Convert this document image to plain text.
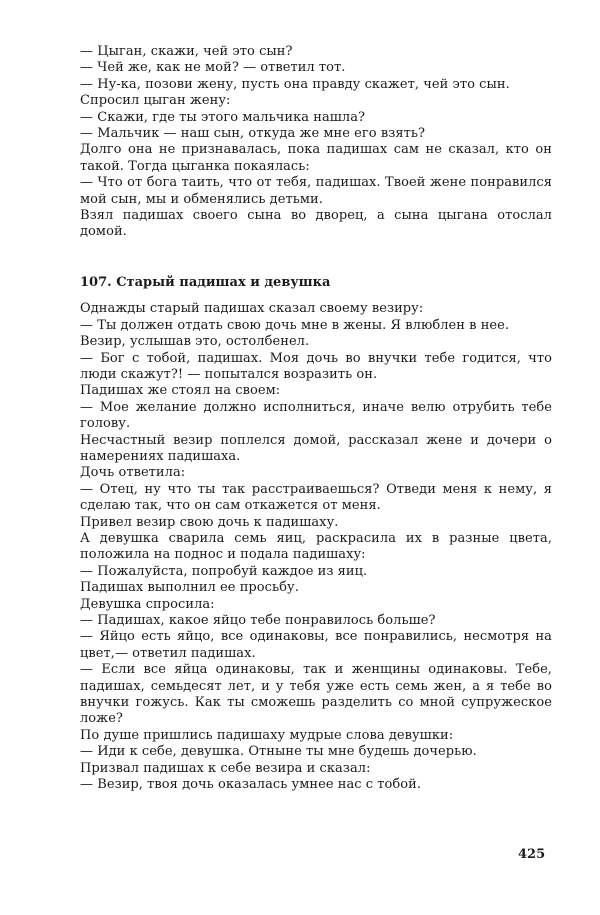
— Цыган, скажи, чей это сын?

— Чей же, как не мой? — ответил тот.

— Ну-ка, позови жену, пусть она правду скажет, чей это сын.

Спросил цыган жену:

— Скажи, где ты этого мальчика нашла?

— Мальчик — наш сын, откуда же мне его взять?

Долго она не признавалась, пока падишах сам не сказал, кто он такой. Тогда цыганка покаялась:

— Что от бога таить, что от тебя, падишах. Твоей жене понравился мой сын, мы и обменялись детьми.

Взял падишах своего сына во дворец, а сына цыгана отослал домой.

107. Старый падишах и девушка

Однажды старый падишах сказал своему везиру:

— Ты должен отдать свою дочь мне в жены. Я влюблен в нее.

Везир, услышав это, остолбенел.

— Бог с тобой, падишах. Моя дочь во внучки тебе годится, что люди скажут?! — попытался возразить он.

Падишах же стоял на своем:

— Мое желание должно исполниться, иначе велю отрубить тебе голову.

Несчастный везир поплелся домой, рассказал жене и дочери о намерениях падишаха.

Дочь ответила:

— Отец, ну что ты так расстраиваешься? Отведи меня к нему, я сделаю так, что он сам откажется от меня.

Привел везир свою дочь к падишаху.

А девушка сварила семь яиц, раскрасила их в разные цвета, положила на поднос и подала падишаху:

— Пожалуйста, попробуй каждое из яиц.

Падишах выполнил ее просьбу.

Девушка спросила:

— Падишах, какое яйцо тебе понравилось больше?

— Яйцо есть яйцо, все одинаковы, все понравились, несмотря на цвет,— ответил падишах.

— Если все яйца одинаковы, так и женщины одинаковы. Тебе, падишах, семьдесят лет, и у тебя уже есть семь жен, а я тебе во внучки гожусь. Как ты сможешь разделить со мной супружеское ложе?

По душе пришлись падишаху мудрые слова девушки:

— Иди к себе, девушка. Отныне ты мне будешь дочерью.

Призвал падишах к себе везира и сказал:

— Везир, твоя дочь оказалась умнее нас с тобой.

425
